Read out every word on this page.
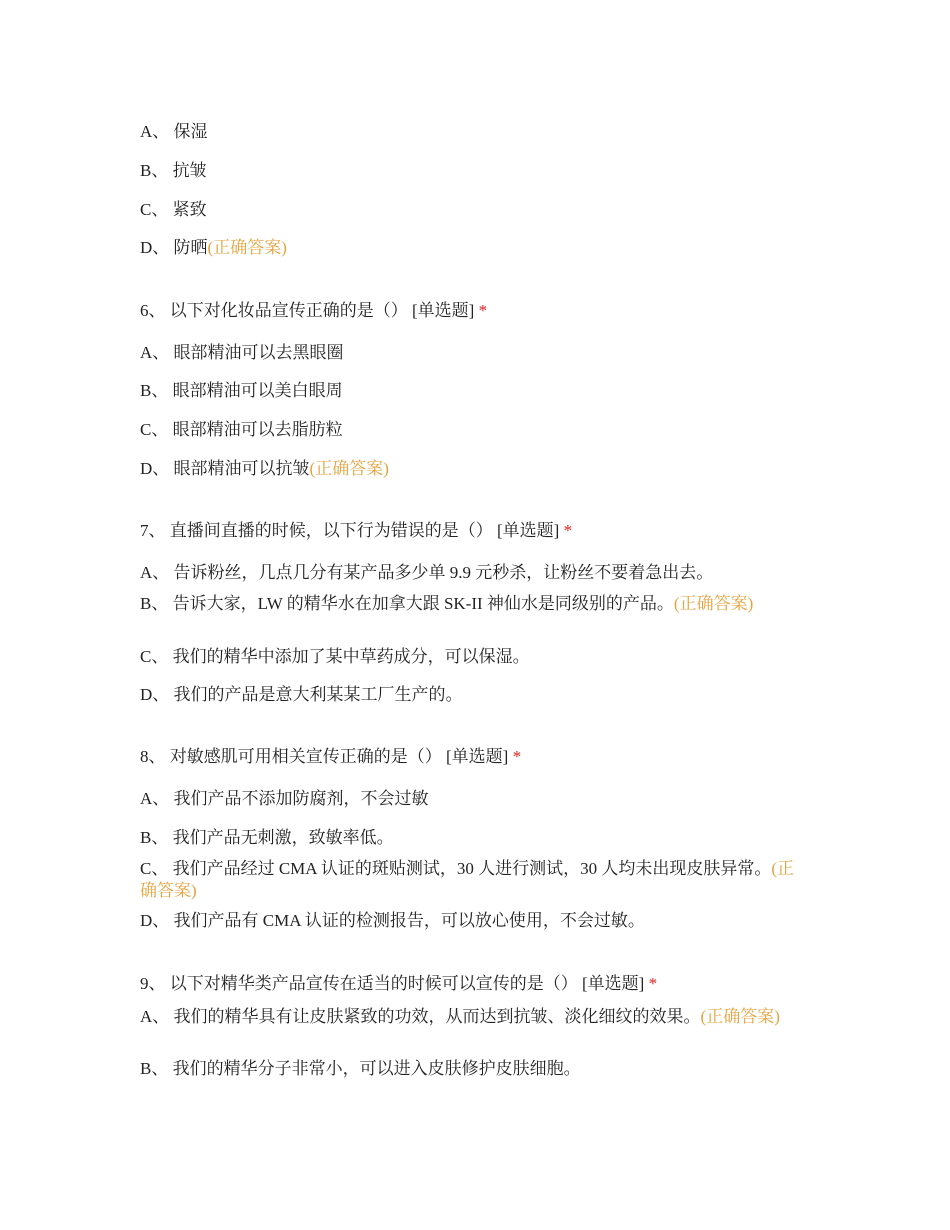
A、 保湿
B、 抗皱
C、 紧致
D、 防晒(正确答案)
6、 以下对化妆品宣传正确的是（） [单选题] *
A、 眼部精油可以去黑眼圈
B、 眼部精油可以美白眼周
C、 眼部精油可以去脂肪粒
D、 眼部精油可以抗皱(正确答案)
7、 直播间直播的时候，以下行为错误的是（） [单选题] *
A、 告诉粉丝，几点几分有某产品多少单 9.9 元秒杀，让粉丝不要着急出去。
B、 告诉大家，LW 的精华水在加拿大跟 SK-II 神仙水是同级别的产品。(正确答案)
C、 我们的精华中添加了某中草药成分，可以保湿。
D、 我们的产品是意大利某某工厂生产的。
8、 对敏感肌可用相关宣传正确的是（） [单选题] *
A、 我们产品不添加防腐剂，不会过敏
B、 我们产品无刺激，致敏率低。
C、 我们产品经过 CMA 认证的斑贴测试，30 人进行测试，30 人均未出现皮肤异常。(正确答案)
D、 我们产品有 CMA 认证的检测报告，可以放心使用，不会过敏。
9、 以下对精华类产品宣传在适当的时候可以宣传的是（） [单选题] *
A、 我们的精华具有让皮肤紧致的功效，从而达到抗皱、淡化细纹的效果。(正确答案)
B、 我们的精华分子非常小，可以进入皮肤修护皮肤细胞。
